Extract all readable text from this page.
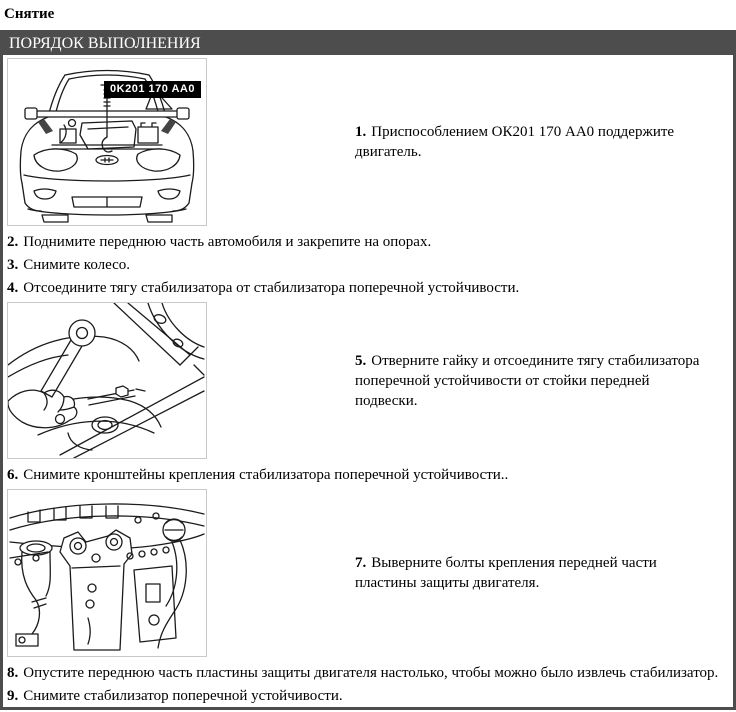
Снятие
ПОРЯДОК ВЫПОЛНЕНИЯ
0K201 170 AA0
1. Приспособлением ОК201 170 АА0 поддержите двигатель.
2. Поднимите переднюю часть автомобиля и закрепите на опорах.
3. Снимите колесо.
4. Отсоедините тягу стабилизатора от стабилизатора поперечной устойчивости.
5. Отверните гайку и отсоедините тягу стабилизатора поперечной устойчивости от стойки передней подвески.
6. Снимите кронштейны крепления стабилизатора поперечной устойчивости..
7. Выверните болты крепления передней части пластины защиты двигателя.
8. Опустите переднюю часть пластины защиты двигателя настолько, чтобы можно было извлечь стабилизатор.
9. Снимите стабилизатор поперечной устойчивости.
